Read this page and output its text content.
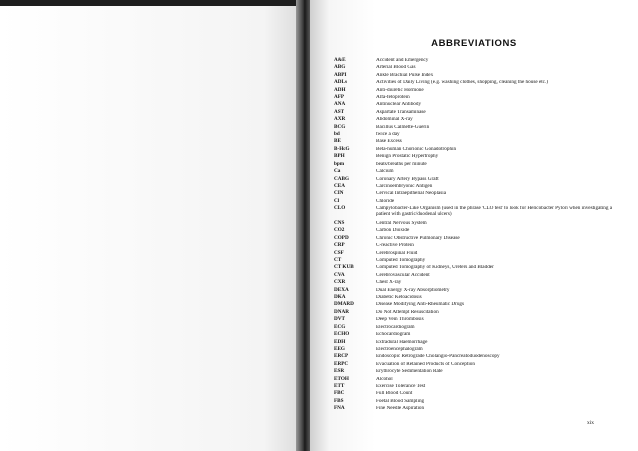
ABBREVIATIONS
A&E	Accident and Emergency
ABG	Arterial Blood Gas
ABPI	Ankle Brachial Pulse Index
ADLs	Activities of Daily Living (e.g. washing clothes, shopping, cleaning the house etc.)
ADH	Anti-diuretic Hormone
AFP	Alfa-fetoprotein
ANA	Antinuclear Antibody
AST	Aspartate Transaminase
AXR	Abdominal X-ray
BCG	Bacillus Calmette-Guérin
bd	twice a day
BE	Base Excess
B-HcG	Beta-human Chorionic Gonadotrophin
BPH	Benign Prostatic Hypertrophy
bpm	beats/breaths per minute
Ca	Calcium
CABG	Coronary Artery Bypass Graft
CEA	Carcinoembryonic Antigen
CIN	Cervical Intraepithelial Neoplasia
Cl	Chloride
CLO	Campylobacter-Like Organism (used in the phrase 'CLO test' to look for Helicobacter Pylori when investigating a patient with gastric/duodenal ulcers)
CNS	Central Nervous System
CO2	Carbon Dioxide
COPD	Chronic Obstructive Pulmonary Disease
CRP	C-reactive Protein
CSF	Cerebrospinal Fluid
CT	Computed Tomography
CT KUB	Computed Tomography of Kidneys, Ureters and Bladder
CVA	Cerebrovascular Accident
CXR	Chest X-ray
DEXA	Dual Energy X-ray Absorptiometry
DKA	Diabetic Ketoacidosis
DMARD	Disease Modifying Anti-Rheumatic Drugs
DNAR	Do Not Attempt Resuscitation
DVT	Deep Vein Thrombosis
ECG	Electrocardiogram
ECHO	Echocardiogram
EDH	Extradural Haemorrhage
EEG	Electroencephalogram
ERCP	Endoscopic Retrograde Cholangio-Pancreatoduodenoscopy
ERPC	Evacuation of Retained Products of Conception
ESR	Erythrocyte Sedimentation Rate
ETOH	Alcohol
ETT	Exercise Tolerance Test
FBC	Full Blood Count
FBS	Foetal Blood Sampling
FNA	Fine Needle Aspiration
xix
